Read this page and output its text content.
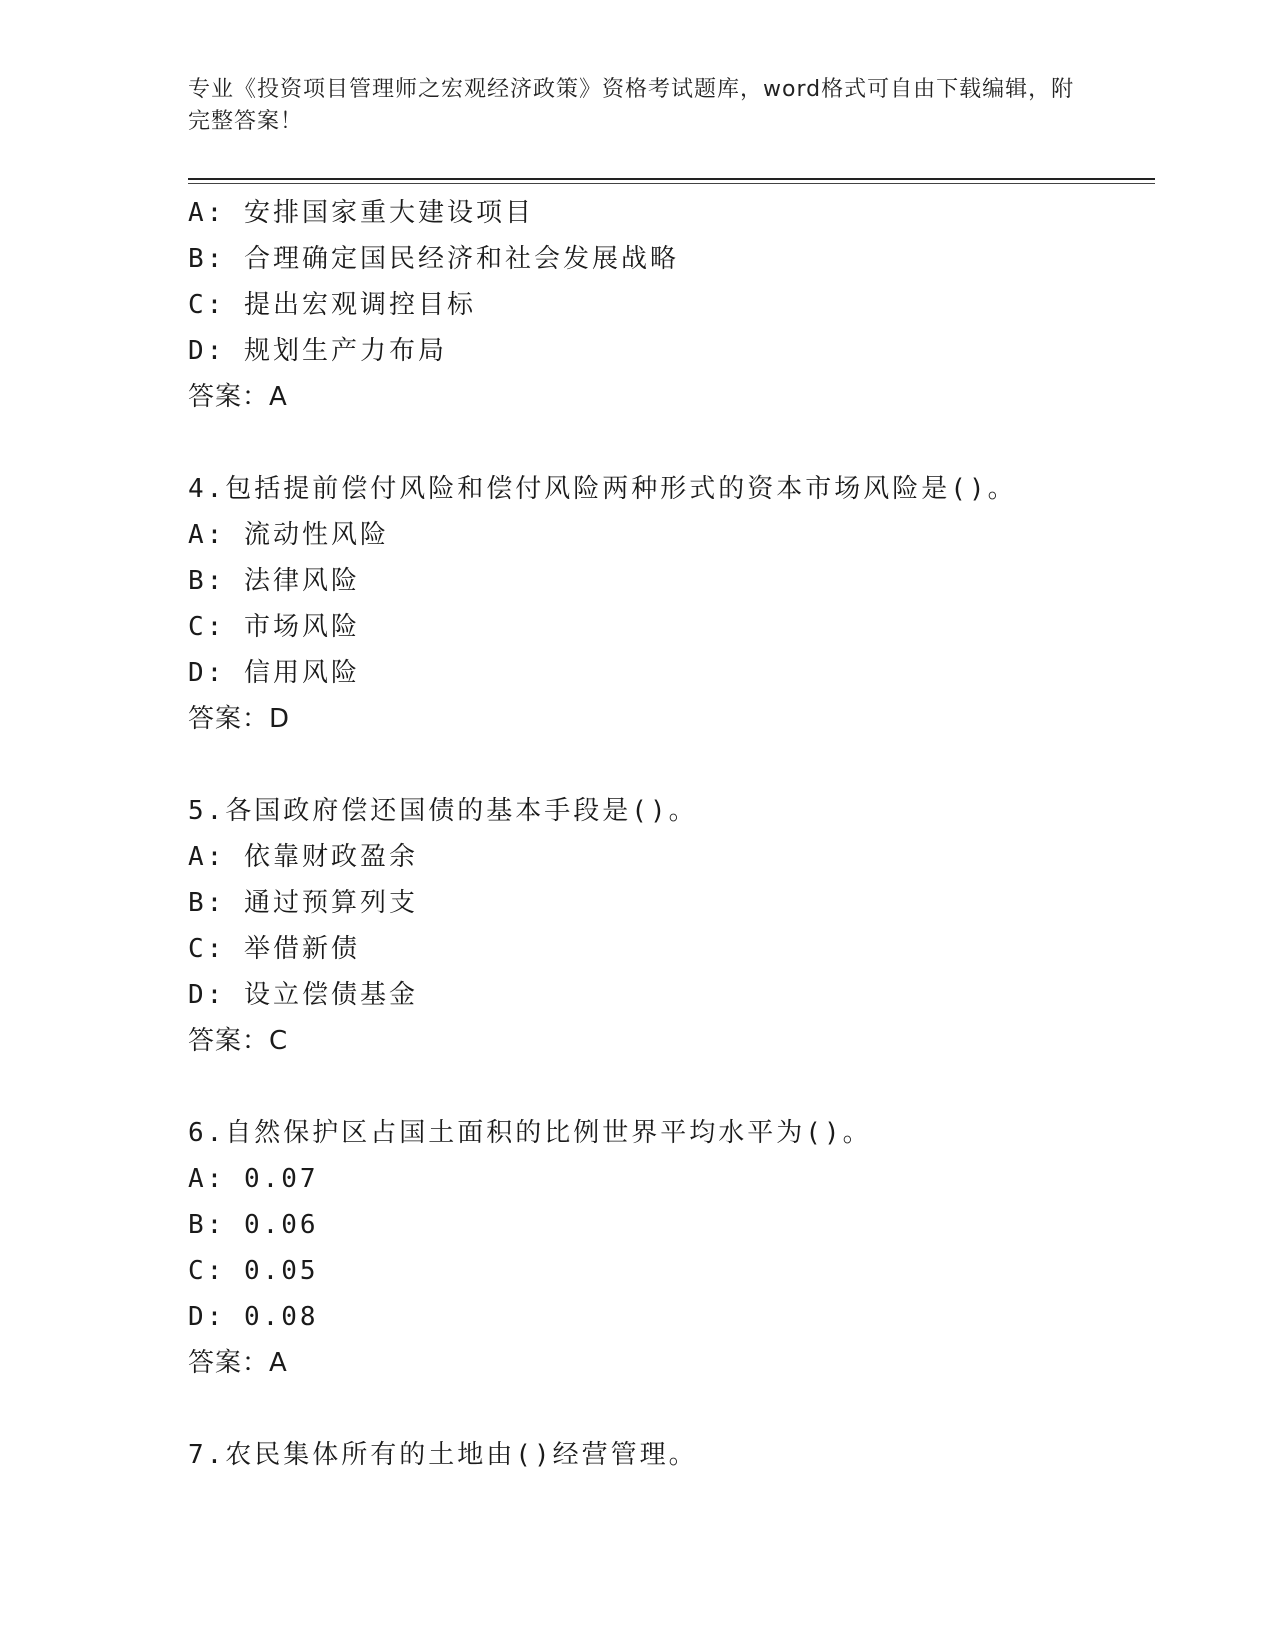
专业《投资项目管理师之宏观经济政策》资格考试题库，word格式可自由下载编辑，附完整答案！
A: 安排国家重大建设项目
B: 合理确定国民经济和社会发展战略
C: 提出宏观调控目标
D: 规划生产力布局
答案：A
4.包括提前偿付风险和偿付风险两种形式的资本市场风险是()。
A: 流动性风险
B: 法律风险
C: 市场风险
D: 信用风险
答案：D
5.各国政府偿还国债的基本手段是()。
A: 依靠财政盈余
B: 通过预算列支
C: 举借新债
D: 设立偿债基金
答案：C
6.自然保护区占国土面积的比例世界平均水平为()。
A: 0.07
B: 0.06
C: 0.05
D: 0.08
答案：A
7.农民集体所有的土地由()经营管理。
